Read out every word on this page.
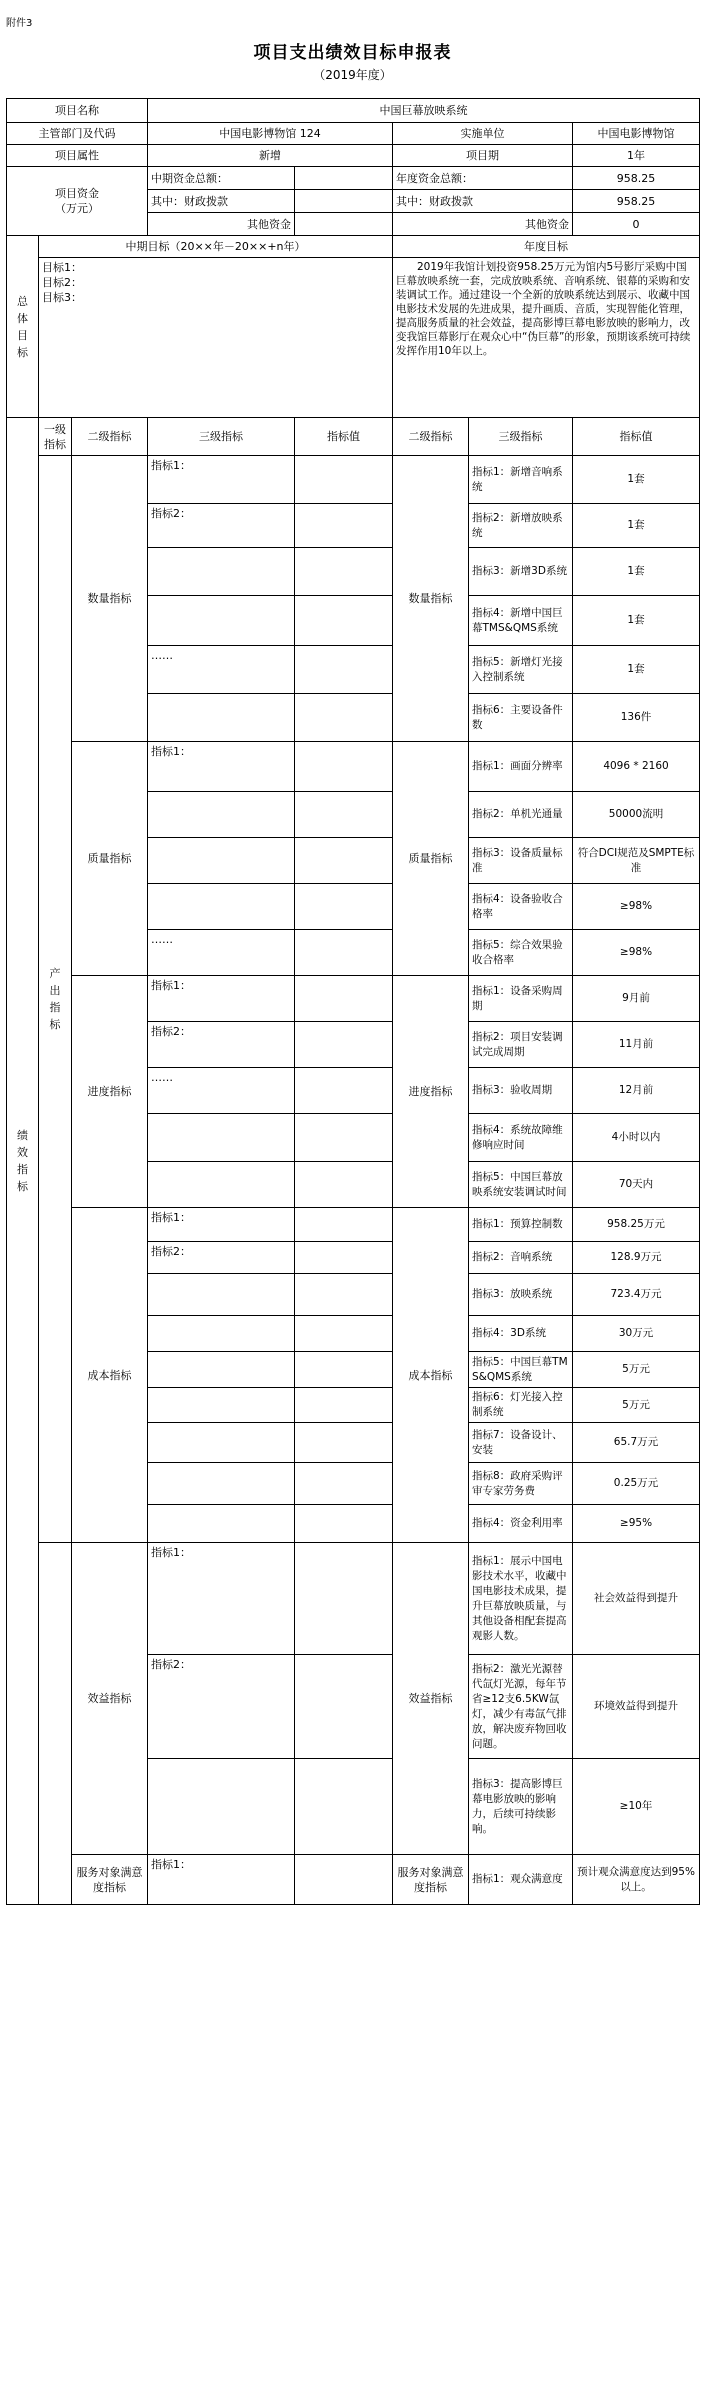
附件3
项目支出绩效目标申报表
（2019年度）
项目名称			中国巨幕放映系统				
主管部门及代码			中国电影博物馆 124		实施单位		中国电影博物馆
项目属性			新增		项目期		1年
项目资金
（万元）			中期资金总额：		年度资金总额：		958.25
			其中：财政拨款		其中：财政拨款		958.25
			其他资金		其他资金		0
总
体
目
标	中期目标（20××年－20××+n年）				年度目标		
	目标1：
目标2：
目标3：				2019年我馆计划投资958.25万元为馆内5号影厅采购中国巨幕放映系统一套，完成放映系统、音响系统、银幕的采购和安装调试工作。通过建设一个全新的放映系统达到展示、收藏中国电影技术发展的先进成果，提升画质、音质，实现智能化管理，提高服务质量的社会效益，提高影博巨幕电影放映的影响力，改变我馆巨幕影厅在观众心中“伪巨幕”的形象，预期该系统可持续发挥作用10年以上。		
绩
效
指
标	一级指标	二级指标	三级指标	指标值	二级指标	三级指标	指标值
	产
出
指
标	数量指标	指标1：		数量指标	指标1：新增音响系统	1套
			指标2：			指标2：新增放映系统	1套
						指标3：新增3D系统	1套
						指标4：新增中国巨幕TMS&QMS系统	1套
			……			指标5：新增灯光接入控制系统	1套
						指标6：主要设备件数	136件
		质量指标	指标1：		质量指标	指标1：画面分辨率	4096 * 2160
						指标2：单机光通量	50000流明
						指标3：设备质量标准	符合DCI规范及SMPTE标准
						指标4：设备验收合格率	≥98%
			……			指标5：综合效果验收合格率	≥98%
		进度指标	指标1：		进度指标	指标1：设备采购周期	9月前
			指标2：			指标2：项目安装调试完成周期	11月前
			……			指标3：验收周期	12月前
						指标4：系统故障维修响应时间	4小时以内
						指标5：中国巨幕放映系统安装调试时间	70天内
		成本指标	指标1：		成本指标	指标1：预算控制数	958.25万元
			指标2：			指标2：音响系统	128.9万元
						指标3：放映系统	723.4万元
						指标4：3D系统	30万元
						指标5：中国巨幕TMS&QMS系统	5万元
						指标6：灯光接入控制系统	5万元
						指标7：设备设计、安装	65.7万元
						指标8：政府采购评审专家劳务费	0.25万元
						指标4：资金利用率	≥95%
		效益指标	指标1：		效益指标	指标1：展示中国电影技术水平，收藏中国电影技术成果，提升巨幕放映质量，与其他设备相配套提高观影人数。	社会效益得到提升
			指标2：			指标2：激光光源替代氙灯光源，每年节省≥12支6.5KW氙灯，减少有毒氙气排放，解决废弃物回收问题。	环境效益得到提升
						指标3：提高影博巨幕电影放映的影响力，后续可持续影响。	≥10年
		服务对象满意度指标	指标1：		服务对象满意度指标	指标1：观众满意度	预计观众满意度达到95%以上。
